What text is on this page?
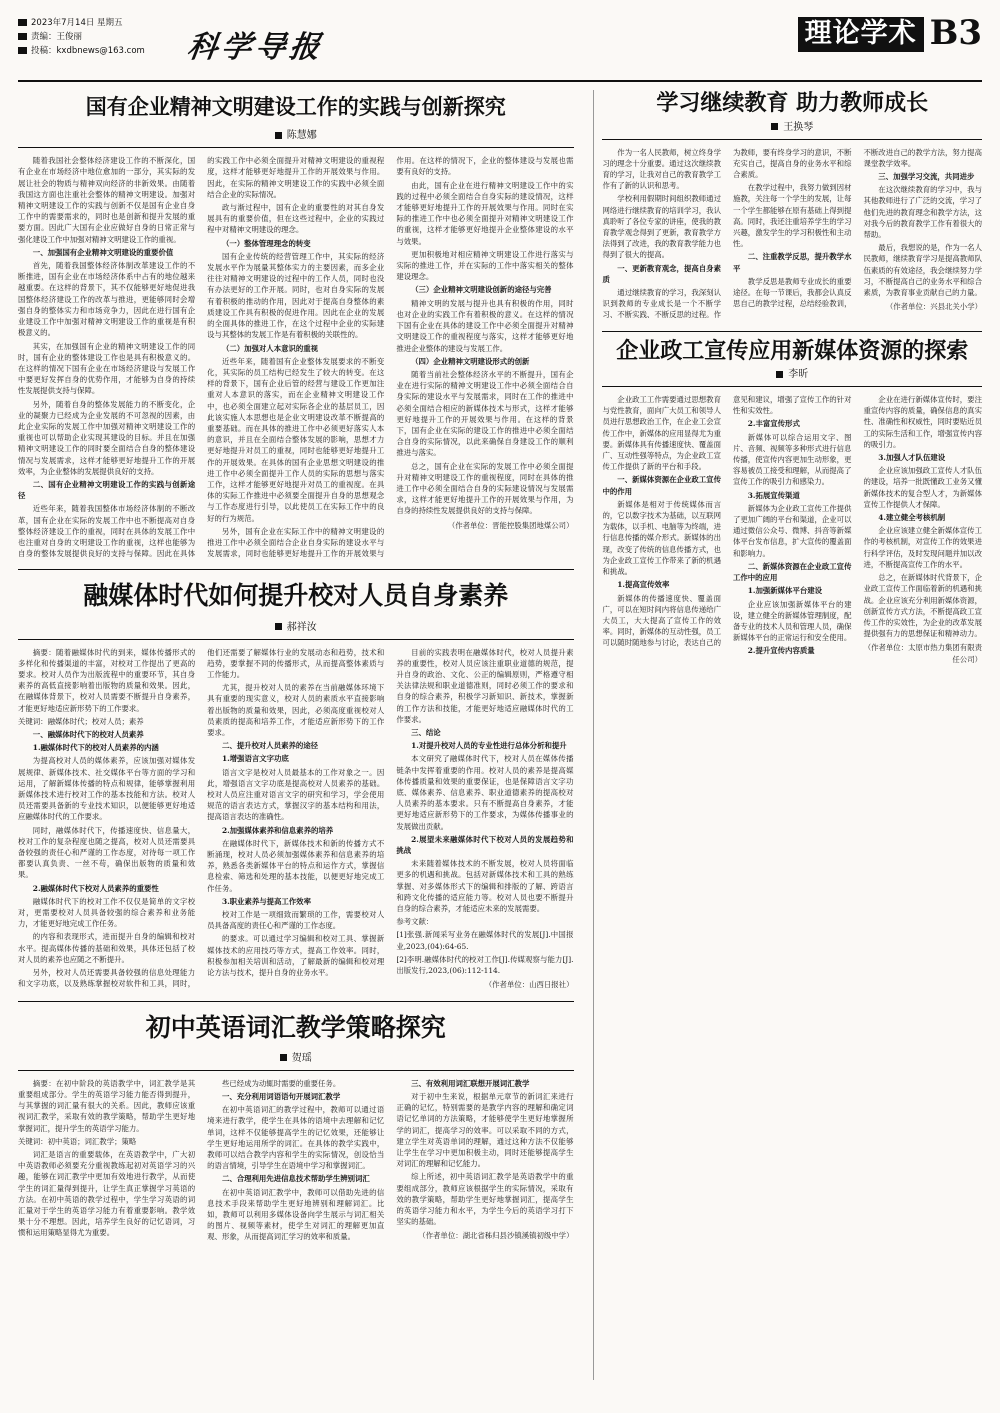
2023年7月14日 星期五
责编：王俊丽
投稿：kxdbnews@163.com	科学导报	理论学术 B3
国有企业精神文明建设工作的实践与创新探究
陈慧娜

随着我国社会整体经济建设工作的不断深化，国有企业在市场经济中地位愈加的一部分，其实际的发展让社会的物质与精神双向经济的非新效果。由随着我国这方面也注重社会整体的精神文明建设。加强对精神文明建设工作的实践与创新不仅是国有企业自身工作中的需要需求的，同时也是创新和提升发展的重要方面。因此广大国有企业应做好自身的日常正常与强化建设工作中加强对精神文明建设工作的重视。

一、加强国有企业精神文明建设的重要价值

首先，随着我国整体经济体制改革建设工作的不断推进，国有企业在市场经济体系中占有的地位越来越重要。在这样的背景下，其不仅能够更好地促进我国整体经济建设工作的改革与推进，更能够同时会增强自身的整体实力和市场竞争力，因此在进行国有企业建设工作中加强对精神文明建设工作的重视是有积极意义的。

其实，在加强国有企业的精神文明建设工作的同时，国有企业的整体建设工作也是具有积极意义的。在这样的情况下国有企业在市场经济建设与发展工作中要更好发挥自身的优势作用，才能够为自身的持续性发展提供支持与保障。

另外，随着自身的整体发展能力的不断变化，企业的凝聚力已经成为企业发展的不可忽视的因素，由此企业实际的发展工作中加强对精神文明建设工作的重视也可以帮助企业实现其建设的目标。并且在加强精神文明建设工作的同时要全面结合自身的整体建设情况与发展需求，这样才能够更好地提升工作的开展效率，为企业整体的发展提供良好的支持。

二、国有企业精神文明建设工作的实践与创新途径

近些年来，随着我国整体市场经济体制的不断改革，国有企业在实际的发展工作中也不断提高对自身整体经济建设工作的重视，同时在具体的发展工作中也注重对自身的文明建设工作的重视，这样也能够为自身的整体发展提供良好的支持与保障。因此在具体的实践工作中必须全面提升对精神文明建设的重视程度，这样才能够更好地提升工作的开展效果与作用。因此，在实际的精神文明建设工作的实践中必须全面结合企业的实际情况。

政与渐过程中，国有企业的重要性的对其自身发展具有的重要价值，但在这些过程中，企业的实践过程中对精神文明建设的理念。

（一）整体管理理念的转变

国有企业传统的经营管理工作中，其实际的经济发展水平作为展量其整体实力的主要因素，而多企业往往对精神文明建设的过程中的工作人员，同时也没有办法更好的工作开展。同时，也对自身实际的发展有着积极的推动的作用，因此对于提高自身整体的素质建设工作具有积极的促进作用。因此在企业的发展的全面具体的推进工作，在这个过程中企业的实际建设与其整体的发展工作是有着积极的关联性的。

（二）加强对人本意识的重视

近些年来，随着国有企业整体发展要求的不断变化，其实际的员工结构已经发生了较大的转变。在这样的背景下，国有企业后管的经营与建设工作更加注重对人本意识的落实，而在企业精神文明建设工作中，也必须全面建立起对实际各企业的基层员工，因此该实施人本思想也是企业文明建设改革不断提高的重要基础。而在具体的推进工作中必须更好落实人本的意识，并且在全面结合整体发展的影响，思想才力更好地提升对员工的重视，同时也能够更好地提升工作的开展效果。在具体的国有企业思想文明建设的推进工作中必须全面提升工作人员的实际的思想与落实工作，这样才能够更好地提升对员工的重视度。在具体的实际工作推进中必须要全面提升自身的思想观念与工作态度进行引导，以此使员工在实际工作中的良好的行为规范。

另外，国有企业在实际工作中的精神文明建设的推进工作中必须全面结合企业自身实际的建设水平与发展需求，同时也能够更好地提升工作的开展效果与作用。在这样的情况下，企业的整体建设与发展也需要有良好的支持。

由此，国有企业在进行精神文明建设工作中的实践的过程中必须全面结合自身实际的建设情况，这样才能够更好地提升工作的开展效果与作用。同时在实际的推进工作中也必须全面提升对精神文明建设工作的重视，这样才能够更好地提升企业整体建设的水平与效果。

更加积极地对相应精神文明建设工作进行落实与实际的推进工作，并在实际的工作中落实相关的整体建设理念。

（三）企业精神文明建设创新的途径与完善

精神文明的发展与提升也具有积极的作用，同时也对企业的实践工作有着积极的意义。在这样的情况下国有企业在具体的建设工作中必须全面提升对精神文明建设工作的重视程度与落实，这样才能够更好地推进企业整体的建设与发展工作。

（四）企业精神文明建设形式的创新

随着当前社会整体经济水平的不断提升，国有企业在进行实际的精神文明建设工作中必须全面结合自身实际的建设水平与发展需求，同时在工作的推进中必须全面结合相应的新媒体技术与形式，这样才能够更好地提升工作的开展效果与作用。在这样的背景下，国有企业在实际的建设工作的推进中必须全面结合自身的实际情况，以此来确保自身建设工作的顺利推进与落实。

总之，国有企业在实际的发展工作中必须全面提升对精神文明建设工作的重视程度，同时在具体的推进工作中必须全面结合自身的实际建设情况与发展需求，这样才能更好地提升工作的开展效果与作用，为自身的持续性发展提供良好的支持与保障。

（作者单位：晋能控股集团地煤公司）

融媒体时代如何提升校对人员自身素养
郝祥汝

摘要：随着融媒体时代的到来，媒体传播形式的多样化和传播渠道的丰富，对校对工作提出了更高的要求。校对人员作为出版流程中的重要环节，其自身素养的高低直接影响着出版物的质量和效果。因此，在融媒体背景下，校对人员需要不断提升自身素养，才能更好地适应新形势下的工作要求。

关键词：融媒体时代；校对人员；素养

一、融媒体时代下的校对人员素养

1.融媒体时代下的校对人员素养的内涵

为提高校对人员的媒体素养，应该加强对媒体发展规律、新媒体技术、社交媒体平台等方面的学习和运用，了解新媒体传播的特点和规律，能够掌握利用新媒体技术进行校对工作的基本技能和方法。校对人员还需要具备新的专业技术知识，以便能够更好地适应融媒体时代的工作要求。

同时，融媒体时代下，传播速度快、信息量大，校对工作的复杂程度也随之提高，校对人员还需要具备较强的责任心和严谨的工作态度，对待每一项工作都要认真负责、一丝不苟，确保出版物的质量和效果。

2.融媒体时代下校对人员素养的重要性

融媒体时代下的校对工作不仅仅是简单的文字校对，更需要校对人员具备较强的综合素养和业务能力，才能更好地完成工作任务。

的内容和表现形式，进而提升自身的编辑和校对水平。提高媒体传播的基础和效果，具体还包括了校对人员的素养也应随之不断提升。

另外，校对人员还需要具备较强的信息处理能力和文字功底，以及熟练掌握校对软件和工具，同时，他们还需要了解媒体行业的发展动态和趋势，技术和趋势，要掌握不同的传播形式，从而提高整体素质与工作能力。

尤其，提升校对人员的素养在当前融媒体环境下具有重要的现实意义，校对人员的素质水平直接影响着出版物的质量和效果，因此，必须高度重视校对人员素质的提高和培养工作，才能适应新形势下的工作要求。

二、提升校对人员素养的途径

1.增强语言文字功底

语言文字是校对人员最基本的工作对象之一。因此，增强语言文字功底是提高校对人员素养的基础。校对人员应注重对语言文字的研究和学习，学会使用规范的语言表达方式，掌握汉字的基本结构和用法，提高语言表达的准确性。

2.加强媒体素养和信息素养的培养

在融媒体时代下，新媒体技术和新的传播方式不断涌现，校对人员必须加强媒体素养和信息素养的培养，熟悉各类新媒体平台的特点和运作方式，掌握信息检索、筛选和处理的基本技能，以便更好地完成工作任务。

3.职业素养与提高工作效率

校对工作是一项细致而繁琐的工作，需要校对人员具备高度的责任心和严谨的工作态度。

的要求。可以通过学习编辑和校对工具、掌握新媒体技术的应用技巧等方式，提高工作效率。同时，积极参加相关培训和活动，了解最新的编辑和校对理论方法与技术，提升自身的业务水平。

目前的实践表明在融媒体时代，校对人员提升素养的重要性，校对人员应该注重职业道德的规范，提升自身的政治、文化、公正的编辑原则，严格遵守相关法律法规和职业道德准则，同时必须工作的要求和自身的综合素养，积极学习新知识、新技术，掌握新的工作方法和技能，才能更好地适应融媒体时代的工作要求。

三、结论

1.对提升校对人员的专业性进行总体分析和提升

本文研究了融媒体时代下，校对人员在媒体传播链条中发挥着重要的作用。校对人员的素养是提高媒体传播质量和效果的重要保证，也是保障语言文字功底、媒体素养、信息素养、职业道德素养的提高校对人员素养的基本要求。只有不断提高自身素养，才能更好地适应新形势下的工作要求，为媒体传播事业的发展做出贡献。

2.展望未来融媒体时代下校对人员的发展趋势和挑战

未来随着媒体技术的不断发展，校对人员将面临更多的机遇和挑战。包括对新媒体技术和工具的熟练掌握、对多媒体形式下的编辑和排版的了解、跨语言和跨文化传播的适应能力等。校对人员也要不断提升自身的综合素养，才能适应未来的发展需要。

参考文献：

[1]张强.新闻采写业务在融媒体时代的发展[J].中国报业,2023,(04):64-65.

[2]李明.融媒体时代的校对工作[J].传媒观察与能力[J].出版发行,2023,(06):112-114.

（作者单位：山西日报社）

初中英语词汇教学策略探究
贺瑶

摘要：在初中阶段的英语教学中，词汇教学是其重要组成部分。学生的英语学习能力能否得到提升，与其掌握的词汇量有很大的关系。因此，教师应该重视词汇教学，采取有效的教学策略，帮助学生更好地掌握词汇，提升学生的英语学习能力。

关键词：初中英语；词汇教学；策略

词汇是语言的重要载体，在英语教学中，广大初中英语教师必须要充分重视教练起初对英语学习的兴趣，能够在词汇教学中更加有效地进行教学，从而使学生的词汇量得到提升，让学生真正掌握学习英语的方法。在初中英语的教学过程中，学生学习英语的词汇量对于学生的英语学习能力有着重要影响。教学效果十分不理想。因此，培养学生良好的记忆语词，习惯和运用策略显得尤为重要。

些已经成为动辄时需要的重要任务。

一、充分利用词语语句开展词汇教学

在初中英语词汇的教学过程中，教师可以通过语境来进行教学，使学生在具体的语境中去理解和记忆单词，这样不仅能够提高学生的记忆效果，还能够让学生更好地运用所学的词汇。在具体的教学实践中，教师可以结合教学内容和学生的实际情况，创设恰当的语言情境，引导学生在语境中学习和掌握词汇。

二、合理利用先进信息技术帮助学生辨别词汇

在初中英语词汇教学中，教师可以借助先进的信息技术手段来帮助学生更好地辨别和理解词汇。比如，教师可以利用多媒体设备向学生展示与词汇相关的图片、视频等素材，使学生对词汇的理解更加直观、形象，从而提高词汇学习的效率和质量。

三、有效利用词汇联想开展词汇教学

对于初中生来说，根据单元章节的新词汇来进行正确的记忆，特别需要的是教学内容的理解和确定词语记忆单词的方法策略，才能够使学生更好地掌握所学的词汇，提高学习的效率。可以采取不同的方式，建立学生对英语单词的理解，通过这种方法不仅能够让学生在学习中更加积极主动，同时还能够提高学生对词汇的理解和记忆能力。

综上所述，初中英语词汇教学是英语教学中的重要组成部分，教师应该根据学生的实际情况，采取有效的教学策略，帮助学生更好地掌握词汇，提高学生的英语学习能力和水平，为学生今后的英语学习打下坚实的基础。

（作者单位：湖北省秭归县沙镇溪镇初级中学）

学习继续教育 助力教师成长
王换琴

作为一名人民教师，树立终身学习的理念十分重要。通过这次继续教育的学习，让我对自己的教育教学工作有了新的认识和思考。

学校利用假期时间组织教师通过网络进行继续教育的培训学习，我认真聆听了各位专家的讲座，使我的教育教学观念得到了更新，教育教学方法得到了改进，我的教育教学能力也得到了很大的提高。

一、更新教育观念，提高自身素质

通过继续教育的学习，我深刻认识到教师的专业成长是一个不断学习、不断实践、不断反思的过程。作为教师，要有终身学习的意识，不断充实自己，提高自身的业务水平和综合素质。

在教学过程中，我努力做到因材施教，关注每一个学生的发展，让每一个学生都能够在原有基础上得到提高。同时，我还注重培养学生的学习兴趣，激发学生的学习积极性和主动性。

二、注重教学反思，提升教学水平

教学反思是教师专业成长的重要途径。在每一节课后，我都会认真反思自己的教学过程，总结经验教训，不断改进自己的教学方法，努力提高课堂教学效率。

三、加强学习交流，共同进步

在这次继续教育的学习中，我与其他教师进行了广泛的交流，学习了他们先进的教育理念和教学方法，这对我今后的教育教学工作有着很大的帮助。

最后，我想说的是，作为一名人民教师，继续教育学习是提高教师队伍素质的有效途径，我会继续努力学习，不断提高自己的业务水平和综合素质，为教育事业贡献自己的力量。

（作者单位：兴县北关小学）

企业政工宣传应用新媒体资源的探索
李昕

企业政工工作需要通过思想教育与党性教育，面向广大员工和领导人员进行思想政治工作，在企业工会宣传工作中，新媒体的应用显得尤为重要。新媒体具有传播速度快、覆盖面广、互动性强等特点，为企业政工宣传工作提供了新的平台和手段。

一、新媒体资源在企业政工宣传中的作用

新媒体是相对于传统媒体而言的，它以数字技术为基础，以互联网为载体，以手机、电脑等为终端，进行信息传播的媒介形式。新媒体的出现，改变了传统的信息传播方式，也为企业政工宣传工作带来了新的机遇和挑战。

1.提高宣传效率

新媒体的传播速度快、覆盖面广，可以在短时间内将信息传递给广大员工，大大提高了宣传工作的效率。同时，新媒体的互动性强，员工可以随时随地参与讨论，表达自己的意见和建议，增强了宣传工作的针对性和实效性。

2.丰富宣传形式

新媒体可以综合运用文字、图片、音频、视频等多种形式进行信息传播，使宣传内容更加生动形象，更容易被员工接受和理解，从而提高了宣传工作的吸引力和感染力。

3.拓展宣传渠道

新媒体为企业政工宣传工作提供了更加广阔的平台和渠道，企业可以通过微信公众号、微博、抖音等新媒体平台发布信息，扩大宣传的覆盖面和影响力。

二、新媒体资源在企业政工宣传工作中的应用

1.加强新媒体平台建设

企业应该加强新媒体平台的建设，建立健全的新媒体管理制度，配备专业的技术人员和管理人员，确保新媒体平台的正常运行和安全使用。

2.提升宣传内容质量

企业在进行新媒体宣传时，要注重宣传内容的质量，确保信息的真实性、准确性和权威性，同时要贴近员工的实际生活和工作，增强宣传内容的吸引力。

3.加强人才队伍建设

企业应该加强政工宣传人才队伍的建设，培养一批既懂政工业务又懂新媒体技术的复合型人才，为新媒体宣传工作提供人才保障。

4.建立健全考核机制

企业应该建立健全新媒体宣传工作的考核机制，对宣传工作的效果进行科学评估，及时发现问题并加以改进，不断提高宣传工作的水平。

总之，在新媒体时代背景下，企业政工宣传工作面临着新的机遇和挑战。企业应该充分利用新媒体资源，创新宣传方式方法，不断提高政工宣传工作的实效性，为企业的改革发展提供强有力的思想保证和精神动力。

（作者单位：太原市热力集团有限责任公司）
